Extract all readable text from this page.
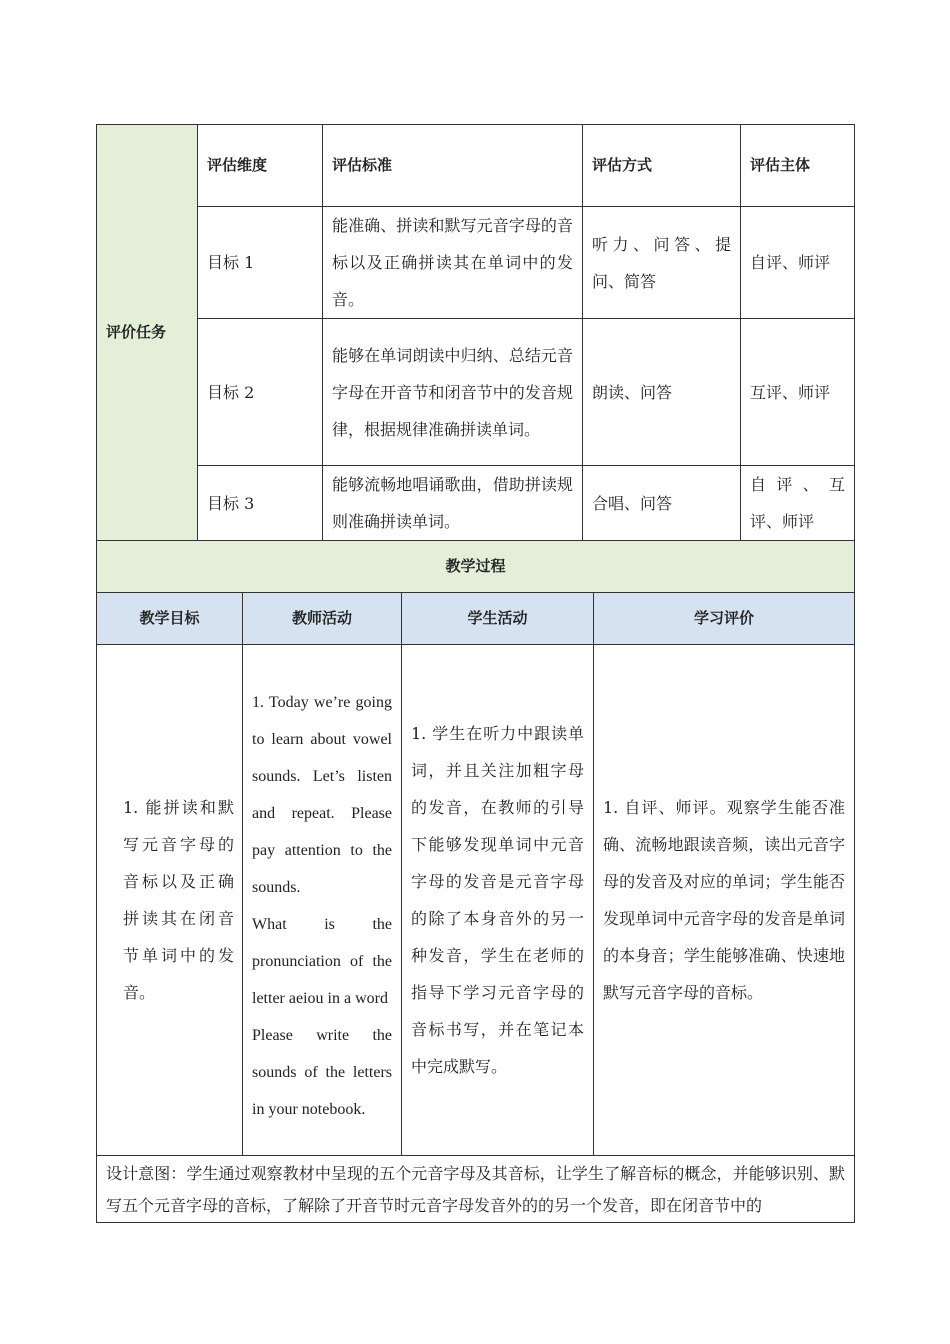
评价任务	评估维度	评估标准	评估方式	评估主体
	目标 1	能准确、拼读和默写元音字母的音标以及正确拼读其在单词中的发音。	听力、问答、提问、简答	自评、师评
	目标 2	能够在单词朗读中归纳、总结元音字母在开音节和闭音节中的发音规律，根据规律准确拼读单词。	朗读、问答	互评、师评
	目标 3	能够流畅地唱诵歌曲，借助拼读规则准确拼读单词。	合唱、问答	自评、互评、师评
教学过程			
教学目标	教师活动	学生活动	学习评价
1. 能拼读和默写元音字母的音标以及正确拼读其在闭音节单词中的发音。	1. Today we’re going to learn about vowel sounds. Let’s listen and repeat. Please pay attention to the sounds.
What is the pronunciation of the letter aeiou in a word
Please write the sounds of the letters in your notebook.	1. 学生在听力中跟读单词，并且关注加粗字母的发音，在教师的引导下能够发现单词中元音字母的发音是元音字母的除了本身音外的另一种发音，学生在老师的指导下学习元音字母的音标书写，并在笔记本中完成默写。	1. 自评、师评。观察学生能否准确、流畅地跟读音频，读出元音字母的发音及对应的单词；学生能否发现单词中元音字母的发音是单词的本身音；学生能够准确、快速地默写元音字母的音标。
设计意图：学生通过观察教材中呈现的五个元音字母及其音标，让学生了解音标的概念，并能够识别、默写五个元音字母的音标，了解除了开音节时元音字母发音外的的另一个发音，即在闭音节中的			
